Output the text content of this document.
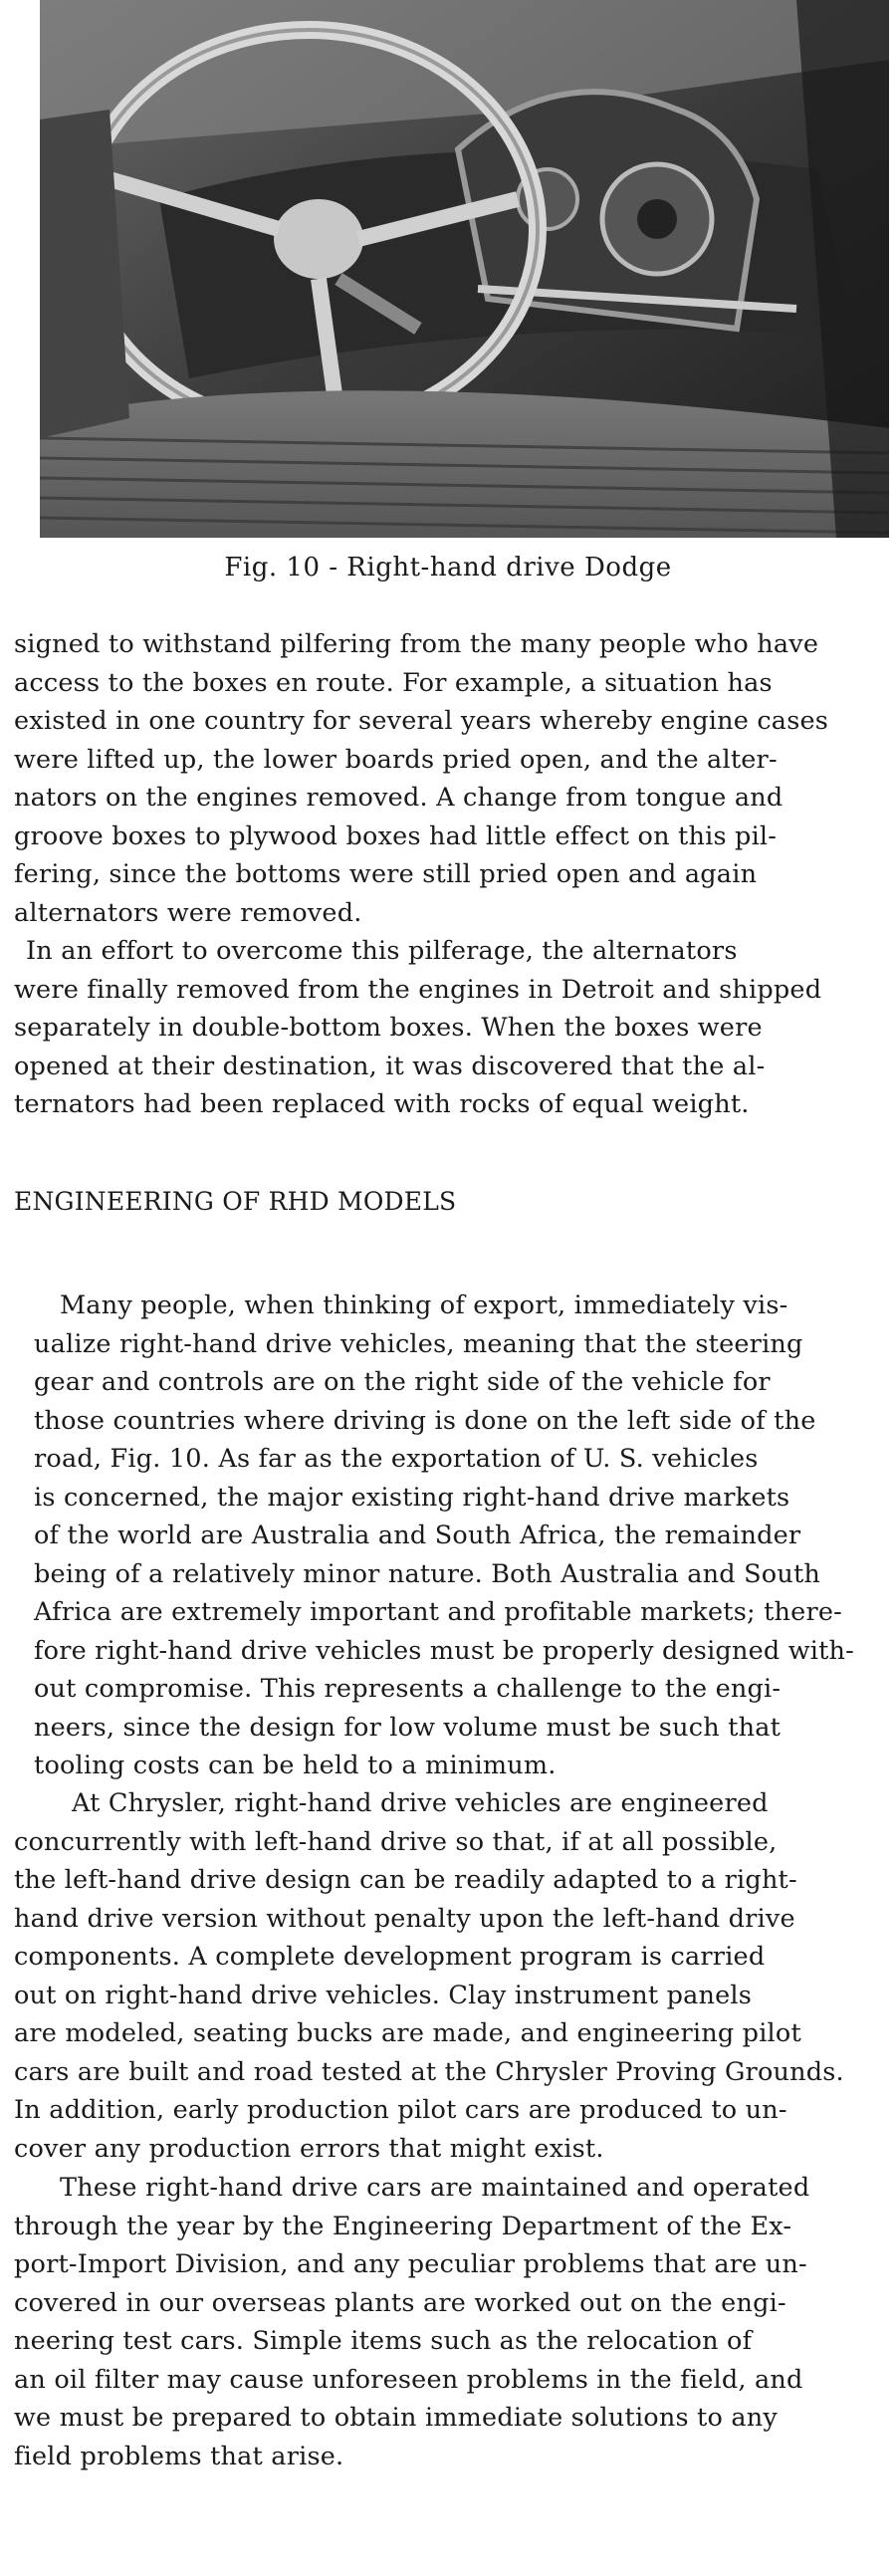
Fig. 10 - Right-hand drive Dodge
signed to withstand pilfering from the many people who have
access to the boxes en route. For example, a situation has
existed in one country for several years whereby engine cases
were lifted up, the lower boards pried open, and the alter-
nators on the engines removed. A change from tongue and
groove boxes to plywood boxes had little effect on this pil-
fering, since the bottoms were still pried open and again
alternators were removed.
In an effort to overcome this pilferage, the alternators
were finally removed from the engines in Detroit and shipped
separately in double-bottom boxes. When the boxes were
opened at their destination, it was discovered that the al-
ternators had been replaced with rocks of equal weight.
ENGINEERING OF RHD MODELS
Many people, when thinking of export, immediately vis-
ualize right-hand drive vehicles, meaning that the steering
gear and controls are on the right side of the vehicle for
those countries where driving is done on the left side of the
road, Fig. 10. As far as the exportation of U. S. vehicles
is concerned, the major existing right-hand drive markets
of the world are Australia and South Africa, the remainder
being of a relatively minor nature. Both Australia and South
Africa are extremely important and profitable markets; there-
fore right-hand drive vehicles must be properly designed with-
out compromise. This represents a challenge to the engi-
neers, since the design for low volume must be such that
tooling costs can be held to a minimum.
At Chrysler, right-hand drive vehicles are engineered
concurrently with left-hand drive so that, if at all possible,
the left-hand drive design can be readily adapted to a right-
hand drive version without penalty upon the left-hand drive
components. A complete development program is carried
out on right-hand drive vehicles. Clay instrument panels
are modeled, seating bucks are made, and engineering pilot
cars are built and road tested at the Chrysler Proving Grounds.
In addition, early production pilot cars are produced to un-
cover any production errors that might exist.
These right-hand drive cars are maintained and operated
through the year by the Engineering Department of the Ex-
port-Import Division, and any peculiar problems that are un-
covered in our overseas plants are worked out on the engi-
neering test cars. Simple items such as the relocation of
an oil filter may cause unforeseen problems in the field, and
we must be prepared to obtain immediate solutions to any
field problems that arise.
